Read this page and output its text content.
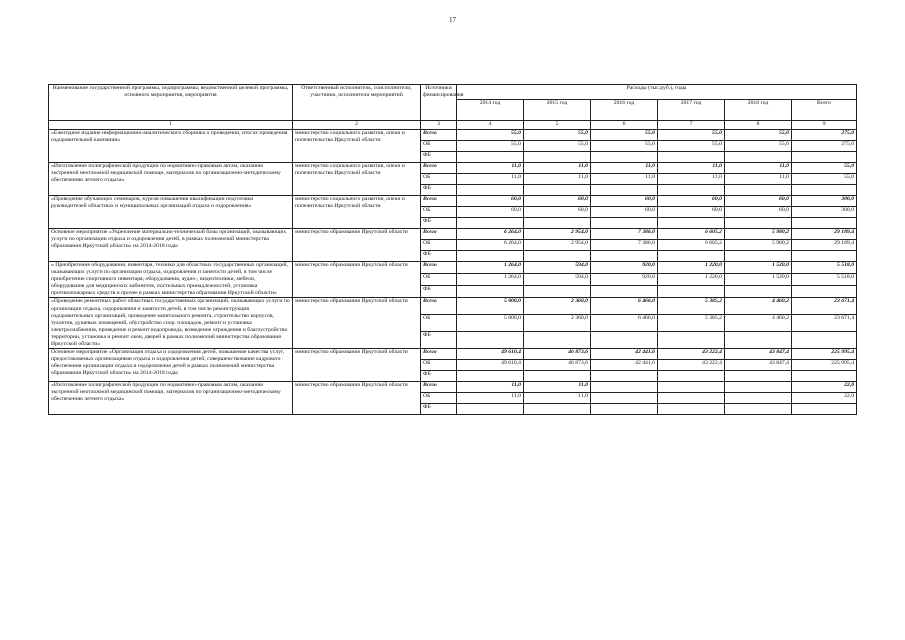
17
Наименование государственной программы, подпрограммы, ведомственной целевой программы, основного мероприятия, мероприятия	Ответственный исполнитель, соисполнители, участники, исполнители мероприятий	Источники финансирования	Расходы (тыс.руб.), годы					
			2014 год	2015 год	2016 год	2017 год	2018 год	Всего
1	2	3	4	5	6	7	8	9
«Ежегодное издание информационно-аналитического сборника о проведении, итогах проведения оздоровительной кампании»	министерство социального развития, опеки и попечительства Иркутской области	Всего	55,0	55,0	55,0	55,0	55,0	275,0
		ОБ	55,0	55,0	55,0	55,0	55,0	275,0
		ФБ						
«Изготовление полиграфической продукции по нормативно-правовым актам, оказанию экстренной неотложной медицинской помощи, материалов по организационно-методическому обеспечению летнего отдыха»	министерство социального развития, опеки и попечительства Иркутской области	Всего	11,0	11,0	11,0	11,0	11,0	55,0
		ОБ	11,0	11,0	11,0	11,0	11,0	55,0
		ФБ						
«Проведение обучающих семинаров, курсов повышения квалификации подготовки руководителей областных и муниципальных организаций отдыха и оздоровления»	министерство социального развития, опеки и попечительства Иркутской области	Всего	60,0	60,0	60,0	60,0	60,0	300,0
		ОБ	60,0	60,0	60,0	60,0	60,0	300,0
		ФБ						
Основное мероприятие «Укрепление материально-технической базы организаций, оказывающих услуги по организации отдыха и оздоровления детей, в рамках полномочий министерства образования Иркутской области» на 2014-2018 годы	министерство образования Иркутской области	Всего	6 264,0	2 954,0	7 386,0	6 605,2	5 980,2	29 189,4
		ОБ	6 264,0	2 954,0	7 386,0	6 605,2	5 980,2	29 189,4
		ФБ						
« Приобретение оборудования, инвентаря, техники для областных государственных организаций, оказывающих услуги по организации отдыха, оздоровления и занятости детей, в том числе приобретение спортивного инвентаря, оборудования, аудио-, видеотехники, мебели, оборудования для медицинских кабинетов, постельных принадлежностей, установка противопожарных средств и прочее в рамках министерства образования Иркутской области»	министерство образования Иркутской области	Всего	1 264,0	594,0	920,0	1 220,0	1 520,0	5 518,0
		ОБ	1 264,0	594,0	920,0	1 220,0	1 520,0	5 518,0
		ФБ						
«Проведение ремонтных работ областных государственных организаций, оказывающих услуги по организации отдыха, оздоровления и занятости детей, в том числе реконструкция оздоровительных организаций, проведение капитального ремонта, строительство корпусов, туалетов, душевых помещений, обустройство спор. площадок, ремонт и установка электроснабжения, проведение и ремонт водопровода, возведение ограждения и благоустройство территории, установка и ремонт окон, дверей в рамках полномочий министерства образования Иркутской области»	министерство образования Иркутской области	Всего	5 000,0	2 360,0	6 466,0	5 385,2	4 460,2	23 671,4
		ОБ	5 000,0	2 360,0	6 466,0	5 385,2	4 460,2	23 671,4
		ФБ						
Основное мероприятие «Организация отдыха и оздоровления детей, повышение качества услуг, предоставляемых организациями отдыха и оздоровления детей, совершенствование кадрового обеспечения организации отдыха и оздоровления детей в рамках полномочий министерства образования Иркутской области» на 2014-2018 годы	министерство образования Иркутской области	Всего	49 610,4	46 873,6	42 441,6	43 222,4	43 847,4	225 995,4
		ОБ	49 610,4	46 873,6	42 441,6	43 222,4	43 847,4	225 995,4
		ФБ						
«Изготовление полиграфической продукции по нормативно-правовым актам, оказанию экстренной неотложной медицинской помощи, материалов по организационно-методическому обеспечению летнего отдыха»	министерство образования Иркутской области	Всего	11,0	11,0				22,0
		ОБ	11,0	11,0				22,0
		ФБ						
